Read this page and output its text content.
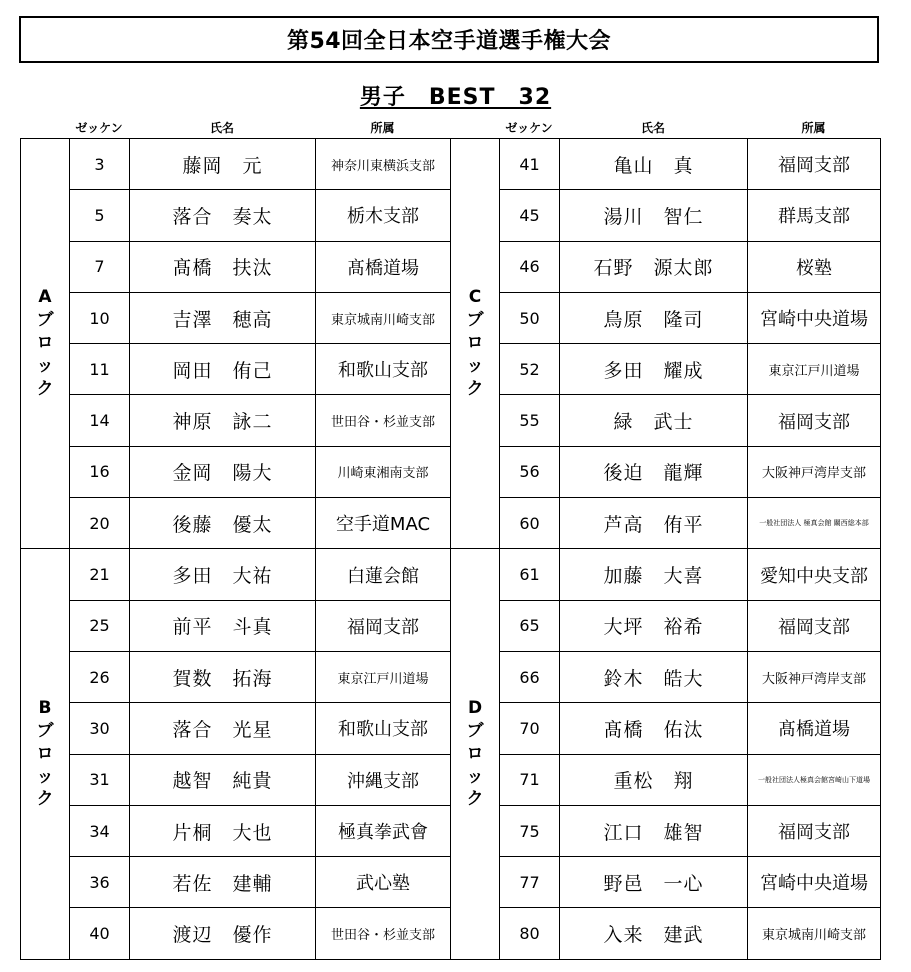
第54回全日本空手道選手権大会
男子　BEST　32
ゼッケン	氏名	所属	ゼッケン	氏名	所属
Aブロック	3	藤岡　元	神奈川東横浜支部	Cブロック	41	亀山　真	福岡支部
	5	落合　奏太	栃木支部		45	湯川　智仁	群馬支部
	7	髙橋　扶汰	髙橋道場		46	石野　源太郎	桜塾
	10	吉澤　穂高	東京城南川崎支部		50	鳥原　隆司	宮崎中央道場
	11	岡田　侑己	和歌山支部		52	多田　耀成	東京江戸川道場
	14	神原　詠二	世田谷・杉並支部		55	緑　武士	福岡支部
	16	金岡　陽大	川崎東湘南支部		56	後迫　龍輝	大阪神戸湾岸支部
	20	後藤　優太	空手道MAC		60	芦高　侑平	一般社団法人 極真会館 關西総本部
Bブロック	21	多田　大祐	白蓮会館	Dブロック	61	加藤　大喜	愛知中央支部
	25	前平　斗真	福岡支部		65	大坪　裕希	福岡支部
	26	賀数　拓海	東京江戸川道場		66	鈴木　皓大	大阪神戸湾岸支部
	30	落合　光星	和歌山支部		70	髙橋　佑汰	髙橋道場
	31	越智　純貴	沖縄支部		71	重松　翔	一般社団法人極真会館宮崎山下道場
	34	片桐　大也	極真拳武會		75	江口　雄智	福岡支部
	36	若佐　建輔	武心塾		77	野邑　一心	宮崎中央道場
	40	渡辺　優作	世田谷・杉並支部		80	入来　建武	東京城南川崎支部
